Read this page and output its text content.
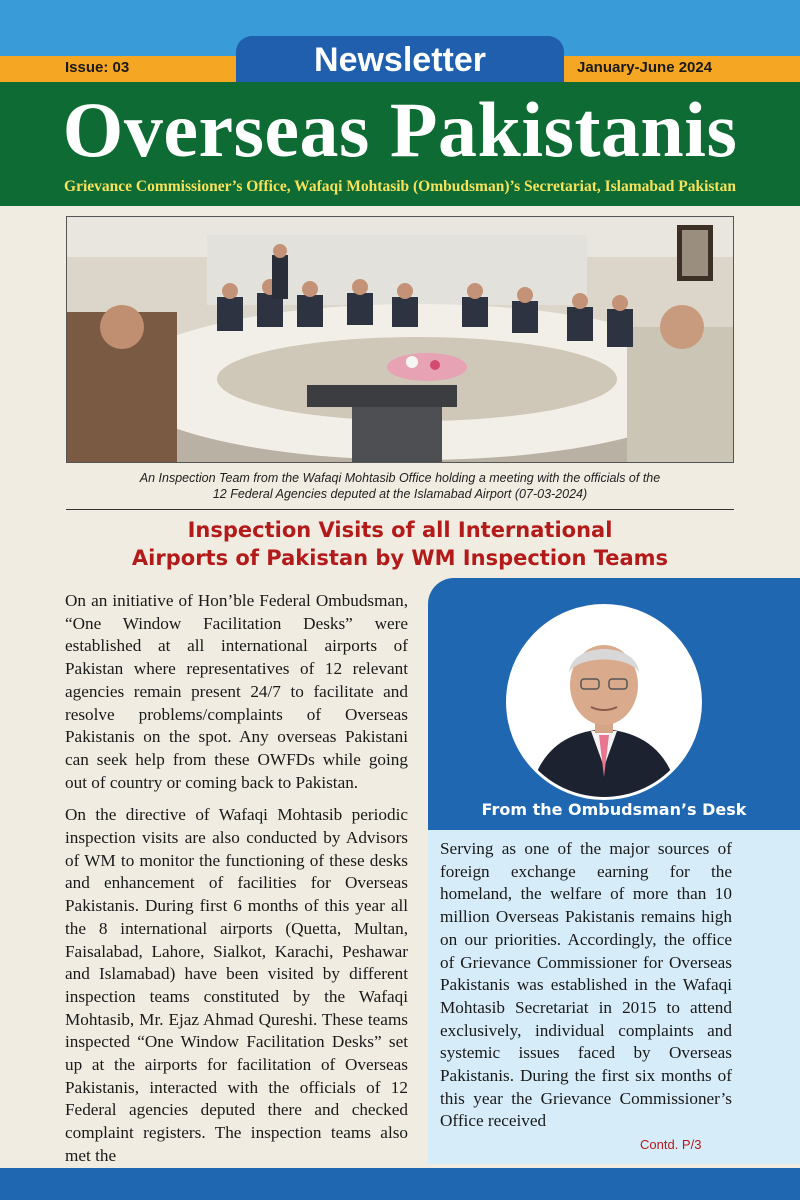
Issue: 03	January-June 2024
Newsletter
Overseas Pakistanis
Grievance Commissioner’s Office, Wafaqi Mohtasib (Ombudsman)’s Secretariat, Islamabad Pakistan
An Inspection Team from the Wafaqi Mohtasib Office holding a meeting with the officials of the
12 Federal Agencies deputed at the Islamabad Airport (07-03-2024)
Inspection Visits of all International
Airports of Pakistan by WM Inspection Teams

On an initiative of Hon’ble Federal Ombudsman, “One Window Facilitation Desks” were established at all international airports of Pakistan where representatives of 12 relevant agencies remain present 24/7 to facilitate and resolve problems/complaints of Overseas Pakistanis on the spot. Any overseas Pakistani can seek help from these OWFDs while going out of country or coming back to Pakistan.

On the directive of Wafaqi Mohtasib periodic inspection visits are also conducted by Advisors of WM to monitor the functioning of these desks and enhancement of facilities for Overseas Pakistanis. During first 6 months of this year all the 8 international airports (Quetta, Multan, Faisalabad, Lahore, Sialkot, Karachi, Peshawar and Islamabad) have been visited by different inspection teams constituted by the Wafaqi Mohtasib, Mr. Ejaz Ahmad Qureshi. These teams inspected “One Window Facilitation Desks” set up at the airports for facilitation of Overseas Pakistanis, interacted with the officials of 12 Federal agencies deputed there and checked complaint registers. The inspection teams also met the

From the Ombudsman’s Desk
Serving as one of the major sources of foreign exchange earning for the homeland, the welfare of more than 10 million Overseas Pakistanis remains high on our priorities. Accordingly, the office of Grievance Commissioner for Overseas Pakistanis was established in the Wafaqi Mohtasib Secretariat in 2015 to attend exclusively, individual complaints and systemic issues faced by Overseas Pakistanis. During the first six months of this year the Grievance Commissioner’s Office received
Contd. P/3
